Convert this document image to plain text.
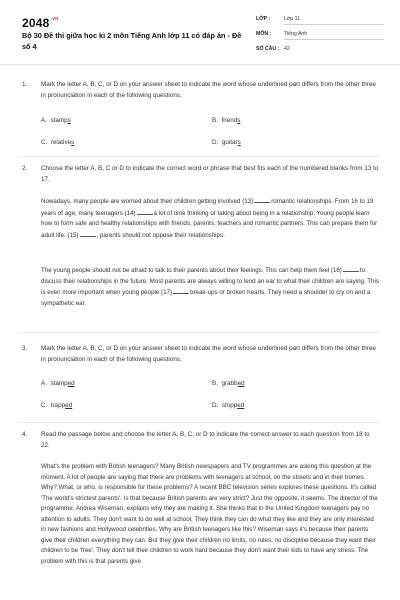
$2048^{.vn}$
Bộ 30 Đề thi giữa học kì 2 môn Tiếng Anh lớp 11 có đáp án - Đề số 4
LỚP :	Lớp 11
MÔN : Tiếng Anh
SỐ CÂU : 42
1. Mark the letter A, B, C, or D on your answer sheet to indicate the word whose underlined part differs from the other three in pronunciation in each of the following questions.
A. stamps	B. friends
C. relatives	D. guitars
2. Choose the letter A, B, C or D to indicate the correct word or phrase that best fits each of the numbered blanks from 13 to 17.

Nowadays, many people are worried about their children getting involved (13)	romantic relationships. From 16 to 19 years of age, many teenagers (14)	a lot of time thinking or taking about being in a relationship. Young people learn how to form safe and healthy relationships with friends, parents, teachers and romantic partners. This can prepare them for adult life. (15)	, parents should not oppose their relationships.

The young people should not be afraid to talk to their parents about their feelings. This can help them feel (16)	to discuss their relationships in the future. Most parents are always willing to lend an ear to what their children are saying. This is even more important when young people (17)	break-ups or broken hearts. They need a shoulder to cry on and a sympathetic ear.

3. Mark the letter A, B, C, or D on your answer sheet to indicate the word whose underlined part differs from the other three in pronunciation in each of the following questions.
A. stamped	B. grabbed
C. trapped	D. stopped
4. Read the passage below and choose the letter A, B, C, or D to indicate the correct answer to each question from 18 to 22.

What's the problem with British teenagers? Many British newspapers and TV programmes are asking this question at the moment. A lot of people are saying that there are problems with teenagers at school, on the streets and in their homes. Why? What, or who, is responsible for these problems? A recent BBC television series explores these questions. It's called 'The world's strictest parents'. Is that because British parents are very strict? Just the opposite, it seems. The director of the programme, Andrea Wiseman, explains why they are making it. She thinks that in the United Kingdom teenagers pay no attention to adults. They don't want to do well at school. They think they can do what they like and they are only interested in new fashions and Hollywood celebrities. Why are British teenagers like this? Wiseman says it's because their parents give their children everything they can. But they give their children no limits, no rules, no discipline because they want their children to be 'free'. They don't tell their children to work hard because they don't want their kids to have any stress. The problem with this is that parents give
